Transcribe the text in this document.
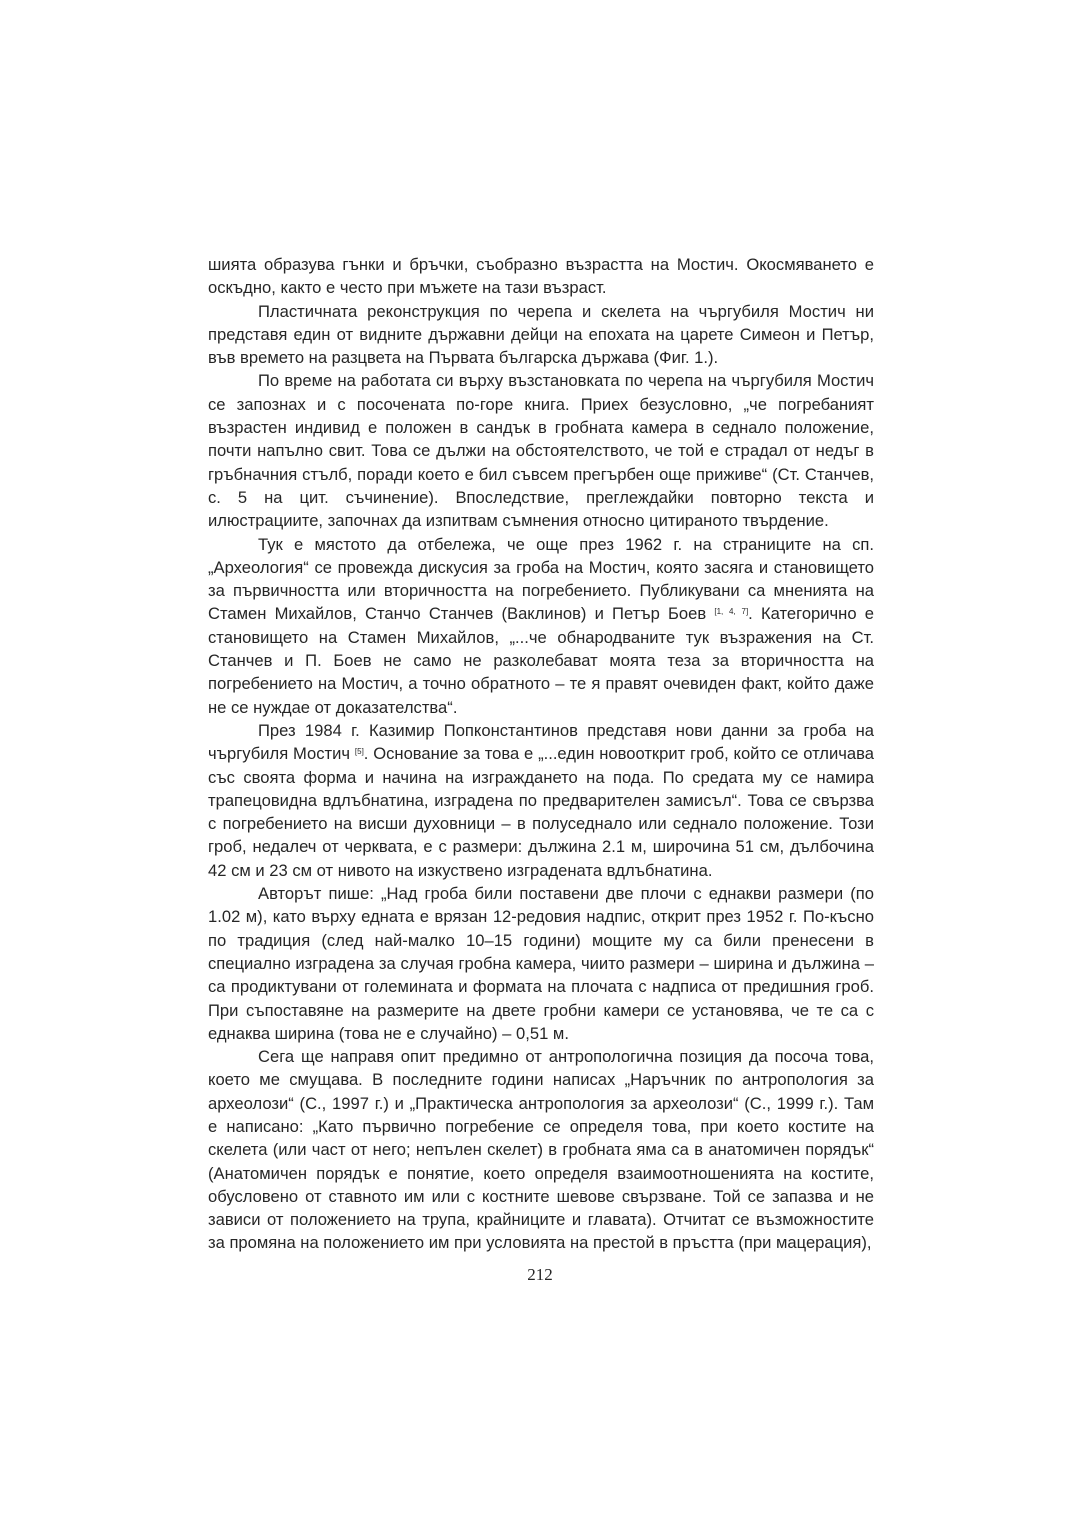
шията образува гънки и бръчки, съобразно възрастта на Мостич. Окосмяването е оскъдно, както е често при мъжете на тази възраст.

Пластичната реконструкция по черепа и скелета на чъргубиля Мостич ни представя един от видните държавни дейци на епохата на царете Симеон и Петър, във времето на разцвета на Първата българска държава (Фиг. 1.).

По време на работата си върху възстановката по черепа на чъргубиля Мостич се запознах и с посочената по-горе книга. Приех безусловно, „че погребаният възрастен индивид е положен в сандък в гробната камера в седнало положение, почти напълно свит. Това се дължи на обстоятелството, че той е страдал от недъг в гръбначния стълб, поради което е бил съвсем прегърбен още приживе“ (Ст. Станчев, с. 5 на цит. съчинение). Впоследствие, преглеждайки повторно текста и илюстрациите, започнах да изпитвам съмнения относно цитираното твърдение.

Тук е мястото да отбележа, че още през 1962 г. на страниците на сп. „Археология“ се провежда дискусия за гроба на Мостич, която засяга и становището за първичността или вторичността на погребението. Публикувани са мненията на Стамен Михайлов, Станчо Станчев (Ваклинов) и Петър Боев [1, 4, 7]. Категорично е становището на Стамен Михайлов, „...че обнародваните тук възражения на Ст. Станчев и П. Боев не само не разколебават моята теза за вторичността на погребението на Мостич, а точно обратното – те я правят очевиден факт, който даже не се нуждае от доказателства“.

През 1984 г. Казимир Попконстантинов представя нови данни за гроба на чъргубиля Мостич [5]. Основание за това е „...един новооткрит гроб, който се отличава със своята форма и начина на изграждането на пода. По средата му се намира трапецовидна вдлъбнатина, изградена по предварителен замисъл“. Това се свързва с погребението на висши духовници – в полуседнало или седнало положение. Този гроб, недалеч от черквата, е с размери: дължина 2.1 м, широчина 51 см, дълбочина 42 см и 23 см от нивото на изкуствено изградената вдлъбнатина.

Авторът пише: „Над гроба били поставени две плочи с еднакви размери (по 1.02 м), като върху едната е врязан 12-редовия надпис, открит през 1952 г. По-късно по традиция (след най-малко 10–15 години) мощите му са били пренесени в специално изградена за случая гробна камера, чиито размери – ширина и дължина – са продиктувани от големината и формата на плочата с надписа от предишния гроб. При съпоставяне на размерите на двете гробни камери се установява, че те са с еднаква ширина (това не е случайно) – 0,51 м.

Сега ще направя опит предимно от антропологична позиция да посоча това, което ме смущава. В последните години написах „Наръчник по антропология за археолози“ (С., 1997 г.) и „Практическа антропология за археолози“ (С., 1999 г.). Там е написано: „Като първично погребение се определя това, при което костите на скелета (или част от него; непълен скелет) в гробната яма са в анатомичен порядък“ (Анатомичен порядък е понятие, което определя взаимоотношенията на костите, обусловено от ставното им или с костните шевове свързване. Той се запазва и не зависи от положението на трупа, крайниците и главата). Отчитат се възможностите за промяна на положението им при условията на престой в пръстта (при мацерация),

212
